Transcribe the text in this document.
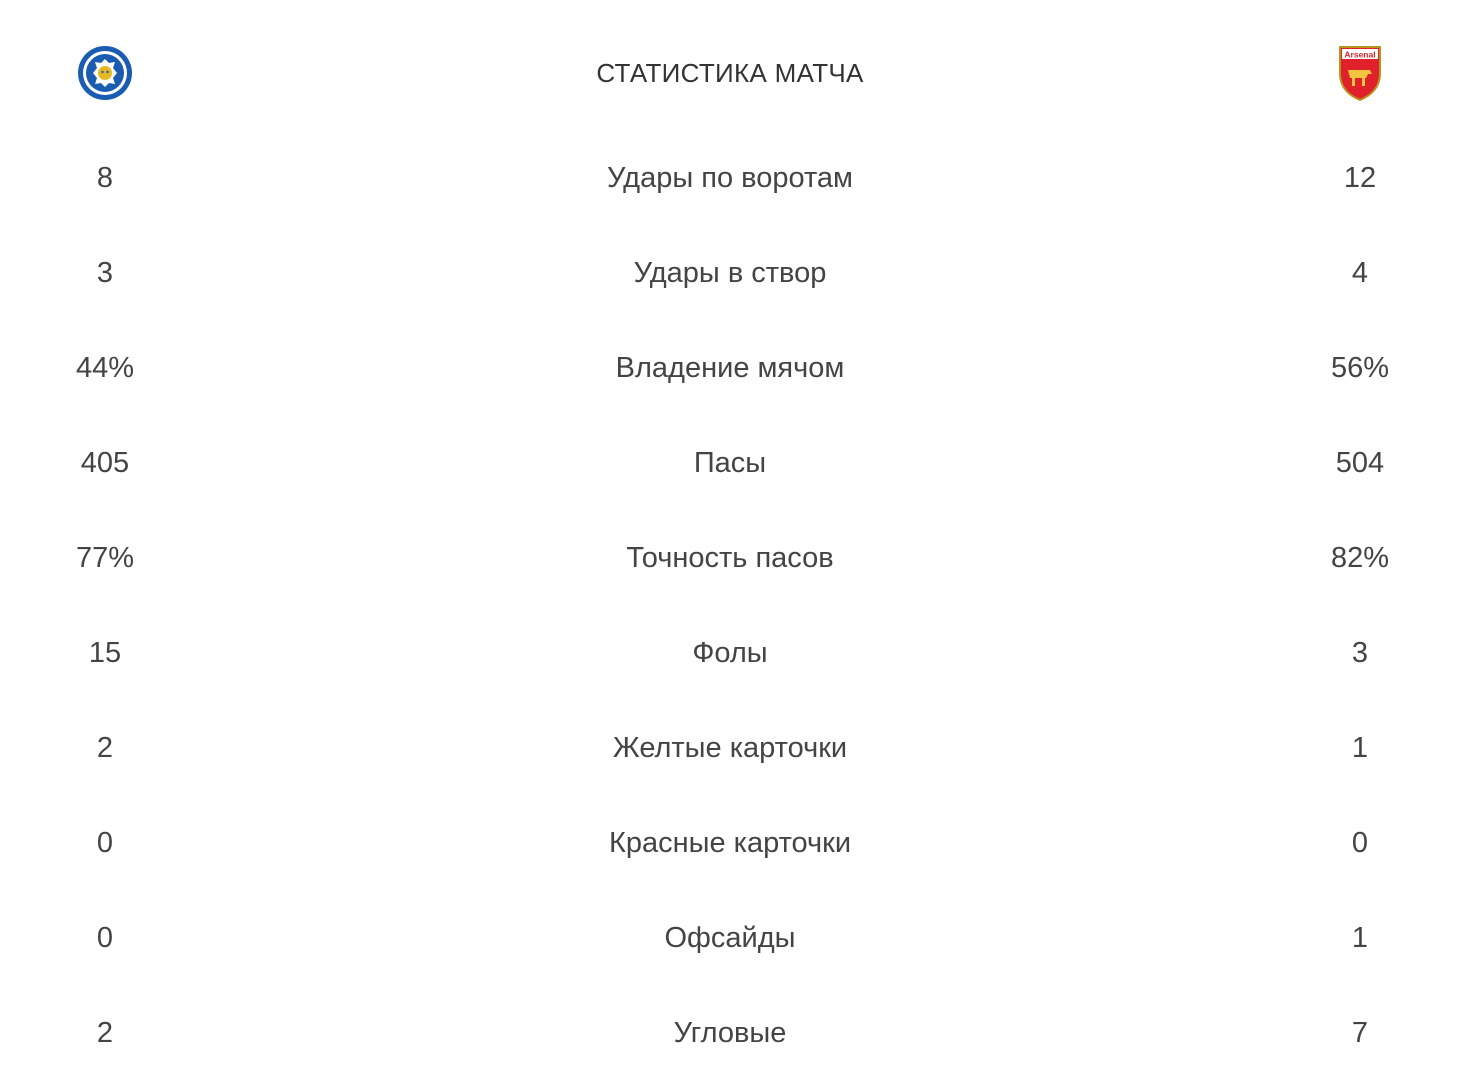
СТАТИСТИКА МАТЧА
Arsenal
8	Удары по воротам	12
3	Удары в створ	4
44%	Владение мячом	56%
405	Пасы	504
77%	Точность пасов	82%
15	Фолы	3
2	Желтые карточки	1
0	Красные карточки	0
0	Офсайды	1
2	Угловые	7
